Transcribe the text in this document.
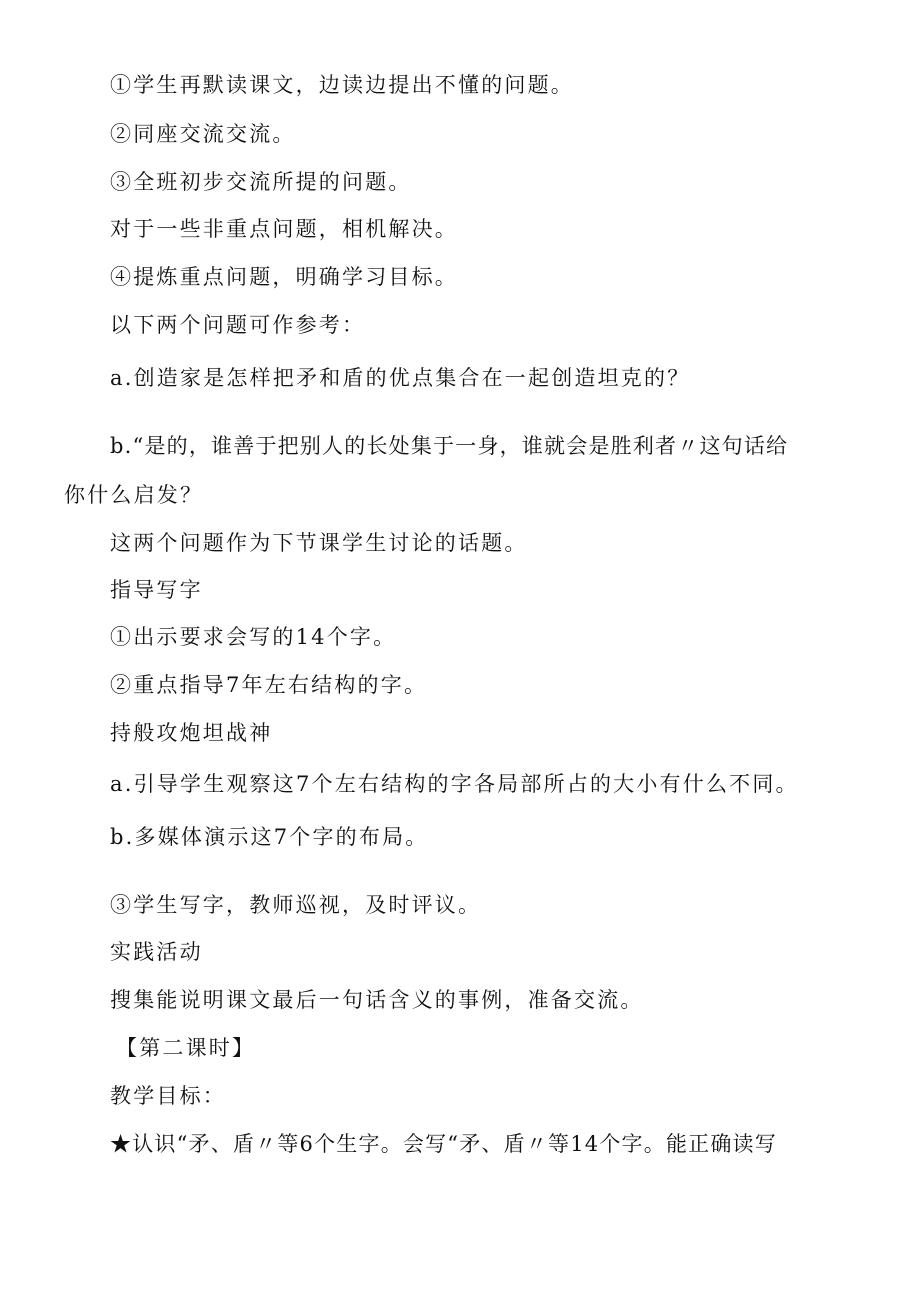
①学生再默读课文，边读边提出不懂的问题。

②同座交流交流。

③全班初步交流所提的问题。

对于一些非重点问题，相机解决。

④提炼重点问题，明确学习目标。

以下两个问题可作参考：

a.创造家是怎样把矛和盾的优点集合在一起创造坦克的？

b.“是的，谁善于把别人的长处集于一身，谁就会是胜利者〃这句话给

你什么启发？

这两个问题作为下节课学生讨论的话题。

指导写字

①出示要求会写的14个字。

②重点指导7年左右结构的字。

持般攻炮坦战神

a.引导学生观察这7个左右结构的字各局部所占的大小有什么不同。

b.多媒体演示这7个字的布局。

③学生写字，教师巡视，及时评议。

实践活动

搜集能说明课文最后一句话含义的事例，准备交流。

【第二课时】

教学目标：

★认识“矛、盾〃等6个生字。会写“矛、盾〃等14个字。能正确读写
